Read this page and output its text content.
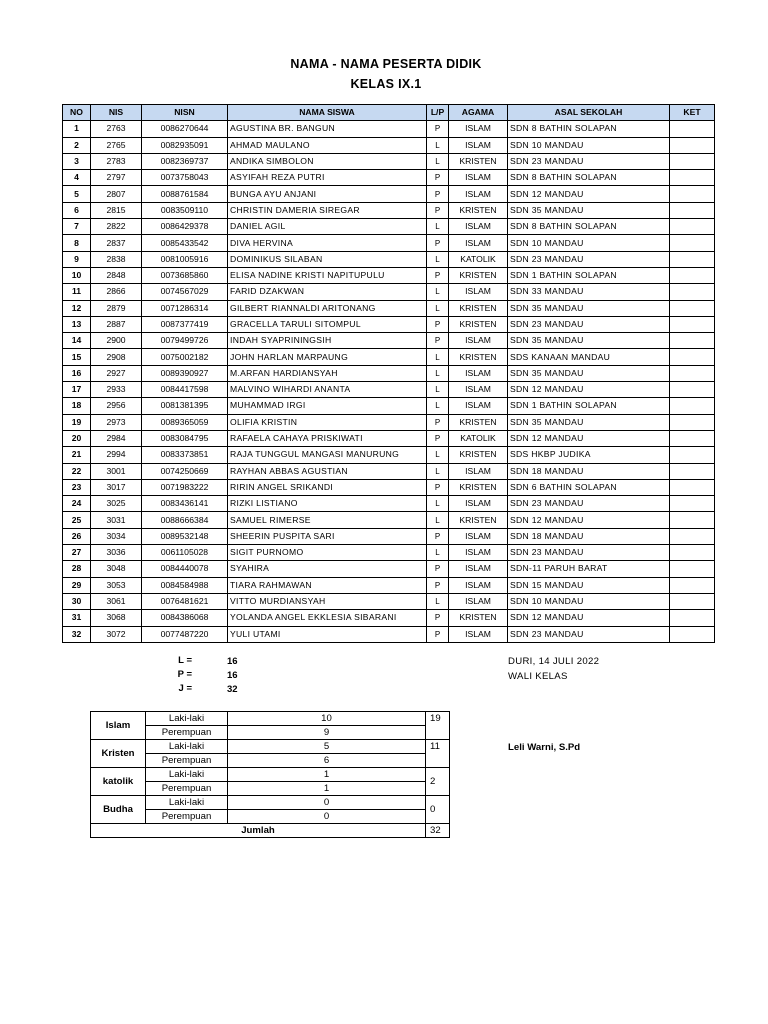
NAMA - NAMA PESERTA DIDIK
KELAS IX.1
NO	NIS	NISN	NAMA SISWA	L/P	AGAMA	ASAL SEKOLAH	KET
1	2763	0086270644	AGUSTINA BR. BANGUN	P	ISLAM	SDN 8 BATHIN SOLAPAN	
2	2765	0082935091	AHMAD MAULANO	L	ISLAM	SDN 10 MANDAU	
3	2783	0082369737	ANDIKA SIMBOLON	L	KRISTEN	SDN 23 MANDAU	
4	2797	0073758043	ASYIFAH REZA PUTRI	P	ISLAM	SDN 8 BATHIN SOLAPAN	
5	2807	0088761584	BUNGA AYU ANJANI	P	ISLAM	SDN 12 MANDAU	
6	2815	0083509110	CHRISTIN DAMERIA SIREGAR	P	KRISTEN	SDN 35 MANDAU	
7	2822	0086429378	DANIEL AGIL	L	ISLAM	SDN 8 BATHIN SOLAPAN	
8	2837	0085433542	DIVA HERVINA	P	ISLAM	SDN 10 MANDAU	
9	2838	0081005916	DOMINIKUS SILABAN	L	KATOLIK	SDN 23 MANDAU	
10	2848	0073685860	ELISA NADINE KRISTI NAPITUPULU	P	KRISTEN	SDN 1 BATHIN SOLAPAN	
11	2866	0074567029	FARID DZAKWAN	L	ISLAM	SDN 33 MANDAU	
12	2879	0071286314	GILBERT RIANNALDI ARITONANG	L	KRISTEN	SDN 35 MANDAU	
13	2887	0087377419	GRACELLA TARULI SITOMPUL	P	KRISTEN	SDN 23 MANDAU	
14	2900	0079499726	INDAH SYAPRININGSIH	P	ISLAM	SDN 35 MANDAU	
15	2908	0075002182	JOHN HARLAN MARPAUNG	L	KRISTEN	SDS KANAAN MANDAU	
16	2927	0089390927	M.ARFAN HARDIANSYAH	L	ISLAM	SDN 35 MANDAU	
17	2933	0084417598	MALVINO WIHARDI ANANTA	L	ISLAM	SDN 12 MANDAU	
18	2956	0081381395	MUHAMMAD IRGI	L	ISLAM	SDN 1 BATHIN SOLAPAN	
19	2973	0089365059	OLIFIA KRISTIN	P	KRISTEN	SDN 35 MANDAU	
20	2984	0083084795	RAFAELA CAHAYA PRISKIWATI	P	KATOLIK	SDN 12 MANDAU	
21	2994	0083373851	RAJA TUNGGUL MANGASI MANURUNG	L	KRISTEN	SDS HKBP JUDIKA	
22	3001	0074250669	RAYHAN ABBAS AGUSTIAN	L	ISLAM	SDN 18 MANDAU	
23	3017	0071983222	RIRIN ANGEL SRIKANDI	P	KRISTEN	SDN 6 BATHIN SOLAPAN	
24	3025	0083436141	RIZKI LISTIANO	L	ISLAM	SDN 23 MANDAU	
25	3031	0088666384	SAMUEL RIMERSE	L	KRISTEN	SDN 12 MANDAU	
26	3034	0089532148	SHEERIN PUSPITA SARI	P	ISLAM	SDN 18 MANDAU	
27	3036	0061105028	SIGIT PURNOMO	L	ISLAM	SDN 23 MANDAU	
28	3048	0084440078	SYAHIRA	P	ISLAM	SDN-11 PARUH BARAT	
29	3053	0084584988	TIARA RAHMAWAN	P	ISLAM	SDN 15 MANDAU	
30	3061	0076481621	VITTO MURDIANSYAH	L	ISLAM	SDN 10 MANDAU	
31	3068	0084386068	YOLANDA ANGEL EKKLESIA SIBARANI	P	KRISTEN	SDN 12 MANDAU	
32	3072	0077487220	YULI UTAMI	P	ISLAM	SDN 23 MANDAU	
L =	16
P =	16
J =	32
DURI, 14 JULI 2022
WALI KELAS
Leli Warni, S.Pd
Islam	Laki-laki	10	19
	Perempuan	9	
Kristen	Laki-laki	5	11
	Perempuan	6	
katolik	Laki-laki	1	2
	Perempuan	1	
Budha	Laki-laki	0	0
	Perempuan	0	
Jumlah			32
